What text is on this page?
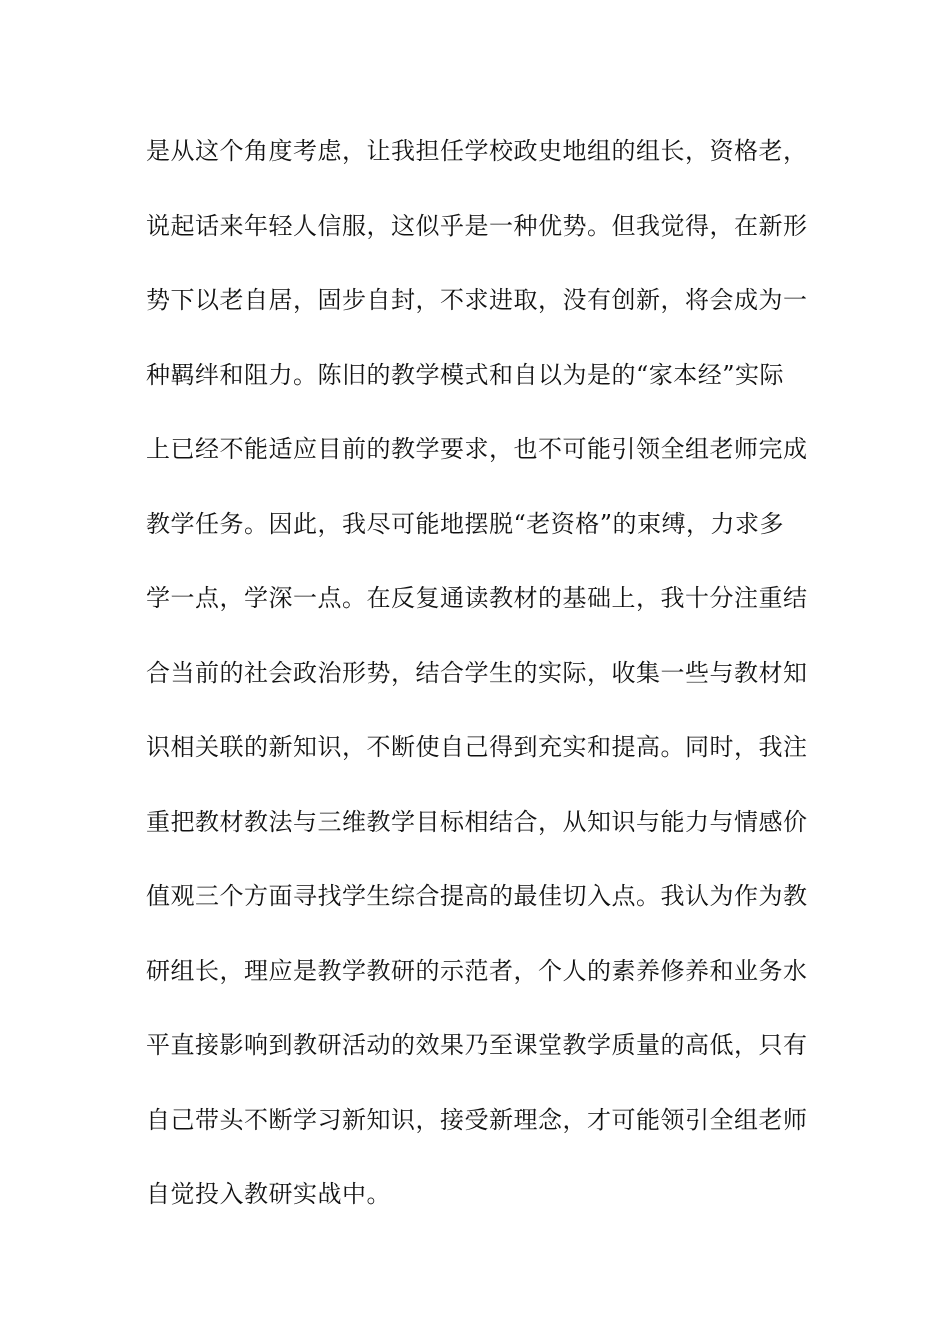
是从这个角度考虑，让我担任学校政史地组的组长，资格老，
说起话来年轻人信服，这似乎是一种优势。但我觉得，在新形
势下以老自居，固步自封，不求进取，没有创新，将会成为一
种羁绊和阻力。陈旧的教学模式和自以为是的“家本经”实际
上已经不能适应目前的教学要求，也不可能引领全组老师完成
教学任务。因此，我尽可能地摆脱“老资格”的束缚，力求多
学一点，学深一点。在反复通读教材的基础上，我十分注重结
合当前的社会政治形势，结合学生的实际，收集一些与教材知
识相关联的新知识，不断使自己得到充实和提高。同时，我注
重把教材教法与三维教学目标相结合，从知识与能力与情感价
值观三个方面寻找学生综合提高的最佳切入点。我认为作为教
研组长，理应是教学教研的示范者，个人的素养修养和业务水
平直接影响到教研活动的效果乃至课堂教学质量的高低，只有
自己带头不断学习新知识，接受新理念，才可能领引全组老师
自觉投入教研实战中。
